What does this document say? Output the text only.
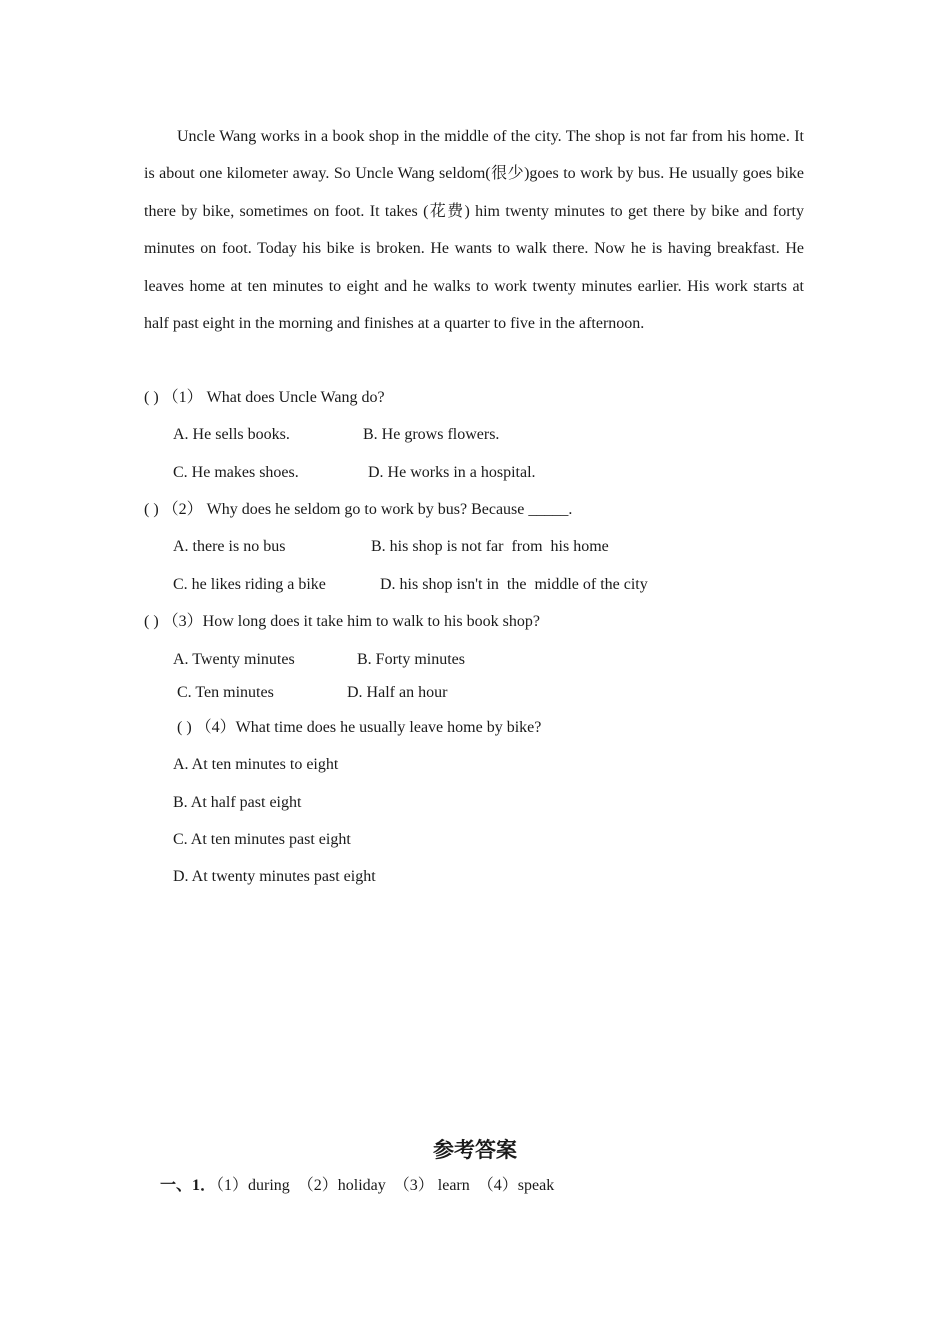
Uncle Wang works in a book shop in the middle of the city. The shop is not far from his home. It is about one kilometer away. So Uncle Wang seldom(很少)goes to work by bus. He usually goes bike there by bike, sometimes on foot. It takes (花费) him twenty minutes to get there by bike and forty minutes on foot. Today his bike is broken. He wants to walk there. Now he is having breakfast. He leaves home at ten minutes to eight and he walks to work twenty minutes earlier. His work starts at half past eight in the morning and finishes at a quarter to five in the afternoon.

( ) （1） What does Uncle Wang do?
A. He sells books.	B. He grows flowers.
C. He makes shoes.	D. He works in a hospital.
( ) （2） Why does he seldom go to work by bus? Because _____.
A. there is no bus	B. his shop is not far  from  his home
C. he likes riding a bike	D. his shop isn't in  the  middle of the city
( ) （3）How long does it take him to walk to his book shop?
A. Twenty minutes	B. Forty minutes
C. Ten minutes	D. Half an hour
( ) （4）What time does he usually leave home by bike?
A. At ten minutes to eight
B. At half past eight
C. At ten minutes past eight
D. At twenty minutes past eight
参考答案
一、1．（1）during  （2）holiday  （3） learn  （4）speak
